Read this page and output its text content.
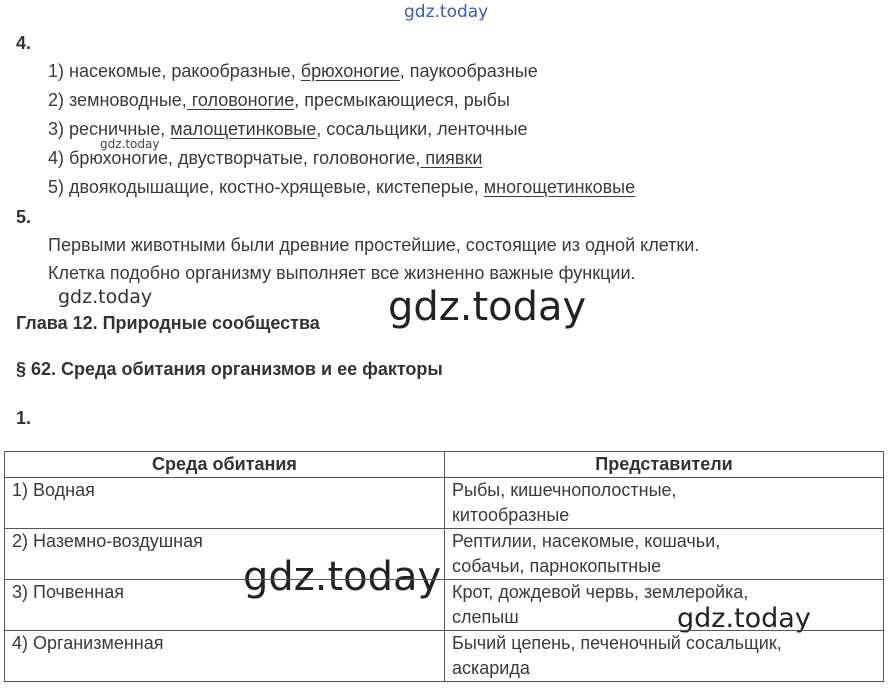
gdz.today
gdz.today
gdz.today	gdz.today
gdz.today
gdz.today
4.
1) насекомые, ракообразные, брюхоногие, паукообразные
2) земноводные, головоногие, пресмыкающиеся, рыбы
3) ресничные, малощетинковые, сосальщики, ленточные
4) брюхоногие, двустворчатые, головоногие, пиявки
5) двоякодышащие, костно-хрящевые, кистеперые, многощетинковые
5.
Первыми животными были древние простейшие, состоящие из одной клетки.
Клетка подобно организму выполняет все жизненно важные функции.
Глава 12. Природные сообщества
§ 62. Среда обитания организмов и ее факторы
1.
Среда обитания	Представители
1) Водная	Рыбы, кишечнополостные,
китообразные

2) Наземно-воздушная	Рептилии, насекомые, кошачьи,
собачьи, парнокопытные

3) Почвенная	Крот, дождевой червь, землеройка,
слепыш

4) Организменная	Бычий цепень, печеночный сосальщик,
аскарида
